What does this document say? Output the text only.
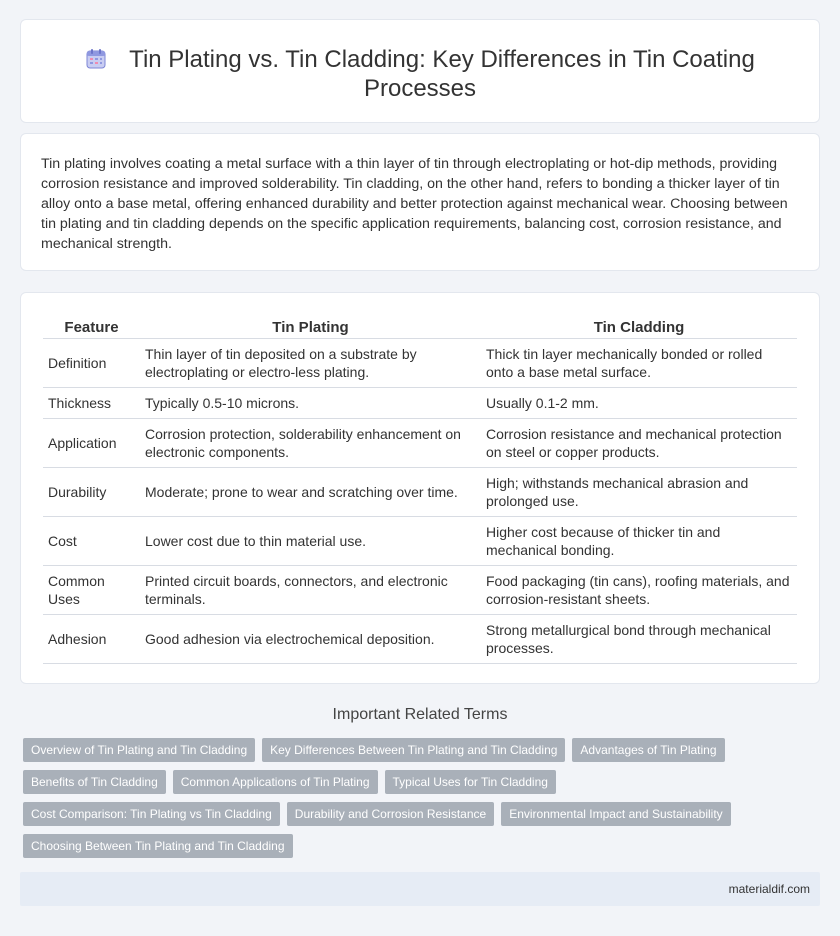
Tin Plating vs. Tin Cladding: Key Differences in Tin Coating Processes

Tin plating involves coating a metal surface with a thin layer of tin through electroplating or hot-dip methods, providing corrosion resistance and improved solderability. Tin cladding, on the other hand, refers to bonding a thicker layer of tin alloy onto a base metal, offering enhanced durability and better protection against mechanical wear. Choosing between tin plating and tin cladding depends on the specific application requirements, balancing cost, corrosion resistance, and mechanical strength.

Feature	Tin Plating	Tin Cladding
Definition	Thin layer of tin deposited on a substrate by electroplating or electro-less plating.	Thick tin layer mechanically bonded or rolled onto a base metal surface.
Thickness	Typically 0.5-10 microns.	Usually 0.1-2 mm.
Application	Corrosion protection, solderability enhancement on electronic components.	Corrosion resistance and mechanical protection on steel or copper products.
Durability	Moderate; prone to wear and scratching over time.	High; withstands mechanical abrasion and prolonged use.
Cost	Lower cost due to thin material use.	Higher cost because of thicker tin and mechanical bonding.
Common Uses	Printed circuit boards, connectors, and electronic terminals.	Food packaging (tin cans), roofing materials, and corrosion-resistant sheets.
Adhesion	Good adhesion via electrochemical deposition.	Strong metallurgical bond through mechanical processes.
Important Related Terms
Overview of Tin Plating and Tin Cladding Key Differences Between Tin Plating and Tin Cladding Advantages of Tin Plating
Benefits of Tin Cladding Common Applications of Tin Plating Typical Uses for Tin Cladding
Cost Comparison: Tin Plating vs Tin Cladding Durability and Corrosion Resistance Environmental Impact and Sustainability
Choosing Between Tin Plating and Tin Cladding
materialdif.com
